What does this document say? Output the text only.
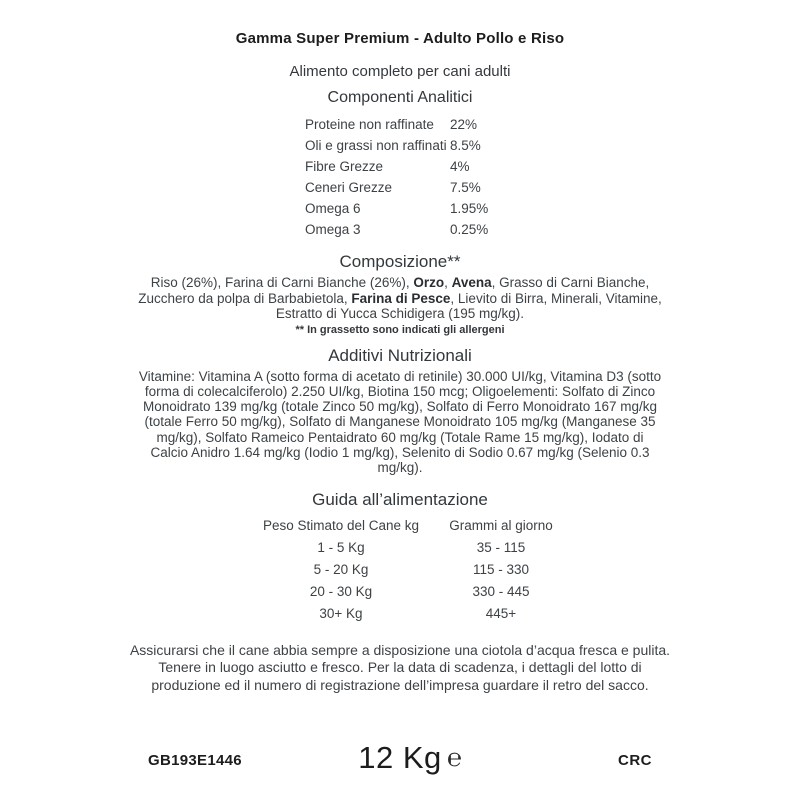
Gamma Super Premium - Adulto Pollo e Riso
Alimento completo per cani adulti
Componenti Analitici
Proteine non raffinate	22%
Oli e grassi non raffinati 8.5%
Fibre Grezze	4%
Ceneri Grezze	7.5%
Omega 6	1.95%
Omega 3	0.25%
Composizione**

Riso (26%), Farina di Carni Bianche (26%), Orzo, Avena, Grasso di Carni Bianche, Zucchero da polpa di Barbabietola, Farina di Pesce, Lievito di Birra, Minerali, Vitamine, Estratto di Yucca Schidigera (195 mg/kg).

** In grassetto sono indicati gli allergeni
Additivi Nutrizionali

Vitamine: Vitamina A (sotto forma di acetato di retinile) 30.000 UI/kg, Vitamina D3 (sotto forma di colecalciferolo) 2.250 UI/kg, Biotina 150 mcg; Oligoelementi: Solfato di Zinco Monoidrato 139 mg/kg (totale Zinco 50 mg/kg), Solfato di Ferro Monoidrato 167 mg/kg (totale Ferro 50 mg/kg), Solfato di Manganese Monoidrato 105 mg/kg (Manganese 35 mg/kg), Solfato Rameico Pentaidrato 60 mg/kg (Totale Rame 15 mg/kg), Iodato di Calcio Anidro 1.64 mg/kg (Iodio 1 mg/kg), Selenito di Sodio 0.67 mg/kg (Selenio 0.3 mg/kg).

Guida all’alimentazione
Peso Stimato del Cane kg	Grammi al giorno
1 - 5 Kg	35 - 115
5 - 20 Kg	115 - 330
20 - 30 Kg	330 - 445
30+ Kg	445+

Assicurarsi che il cane abbia sempre a disposizione una ciotola d’acqua fresca e pulita. Tenere in luogo asciutto e fresco. Per la data di scadenza, i dettagli del lotto di produzione ed il numero di registrazione dell’impresa guardare il retro del sacco.

GB193E1446	12 Kg ℮	CRC
